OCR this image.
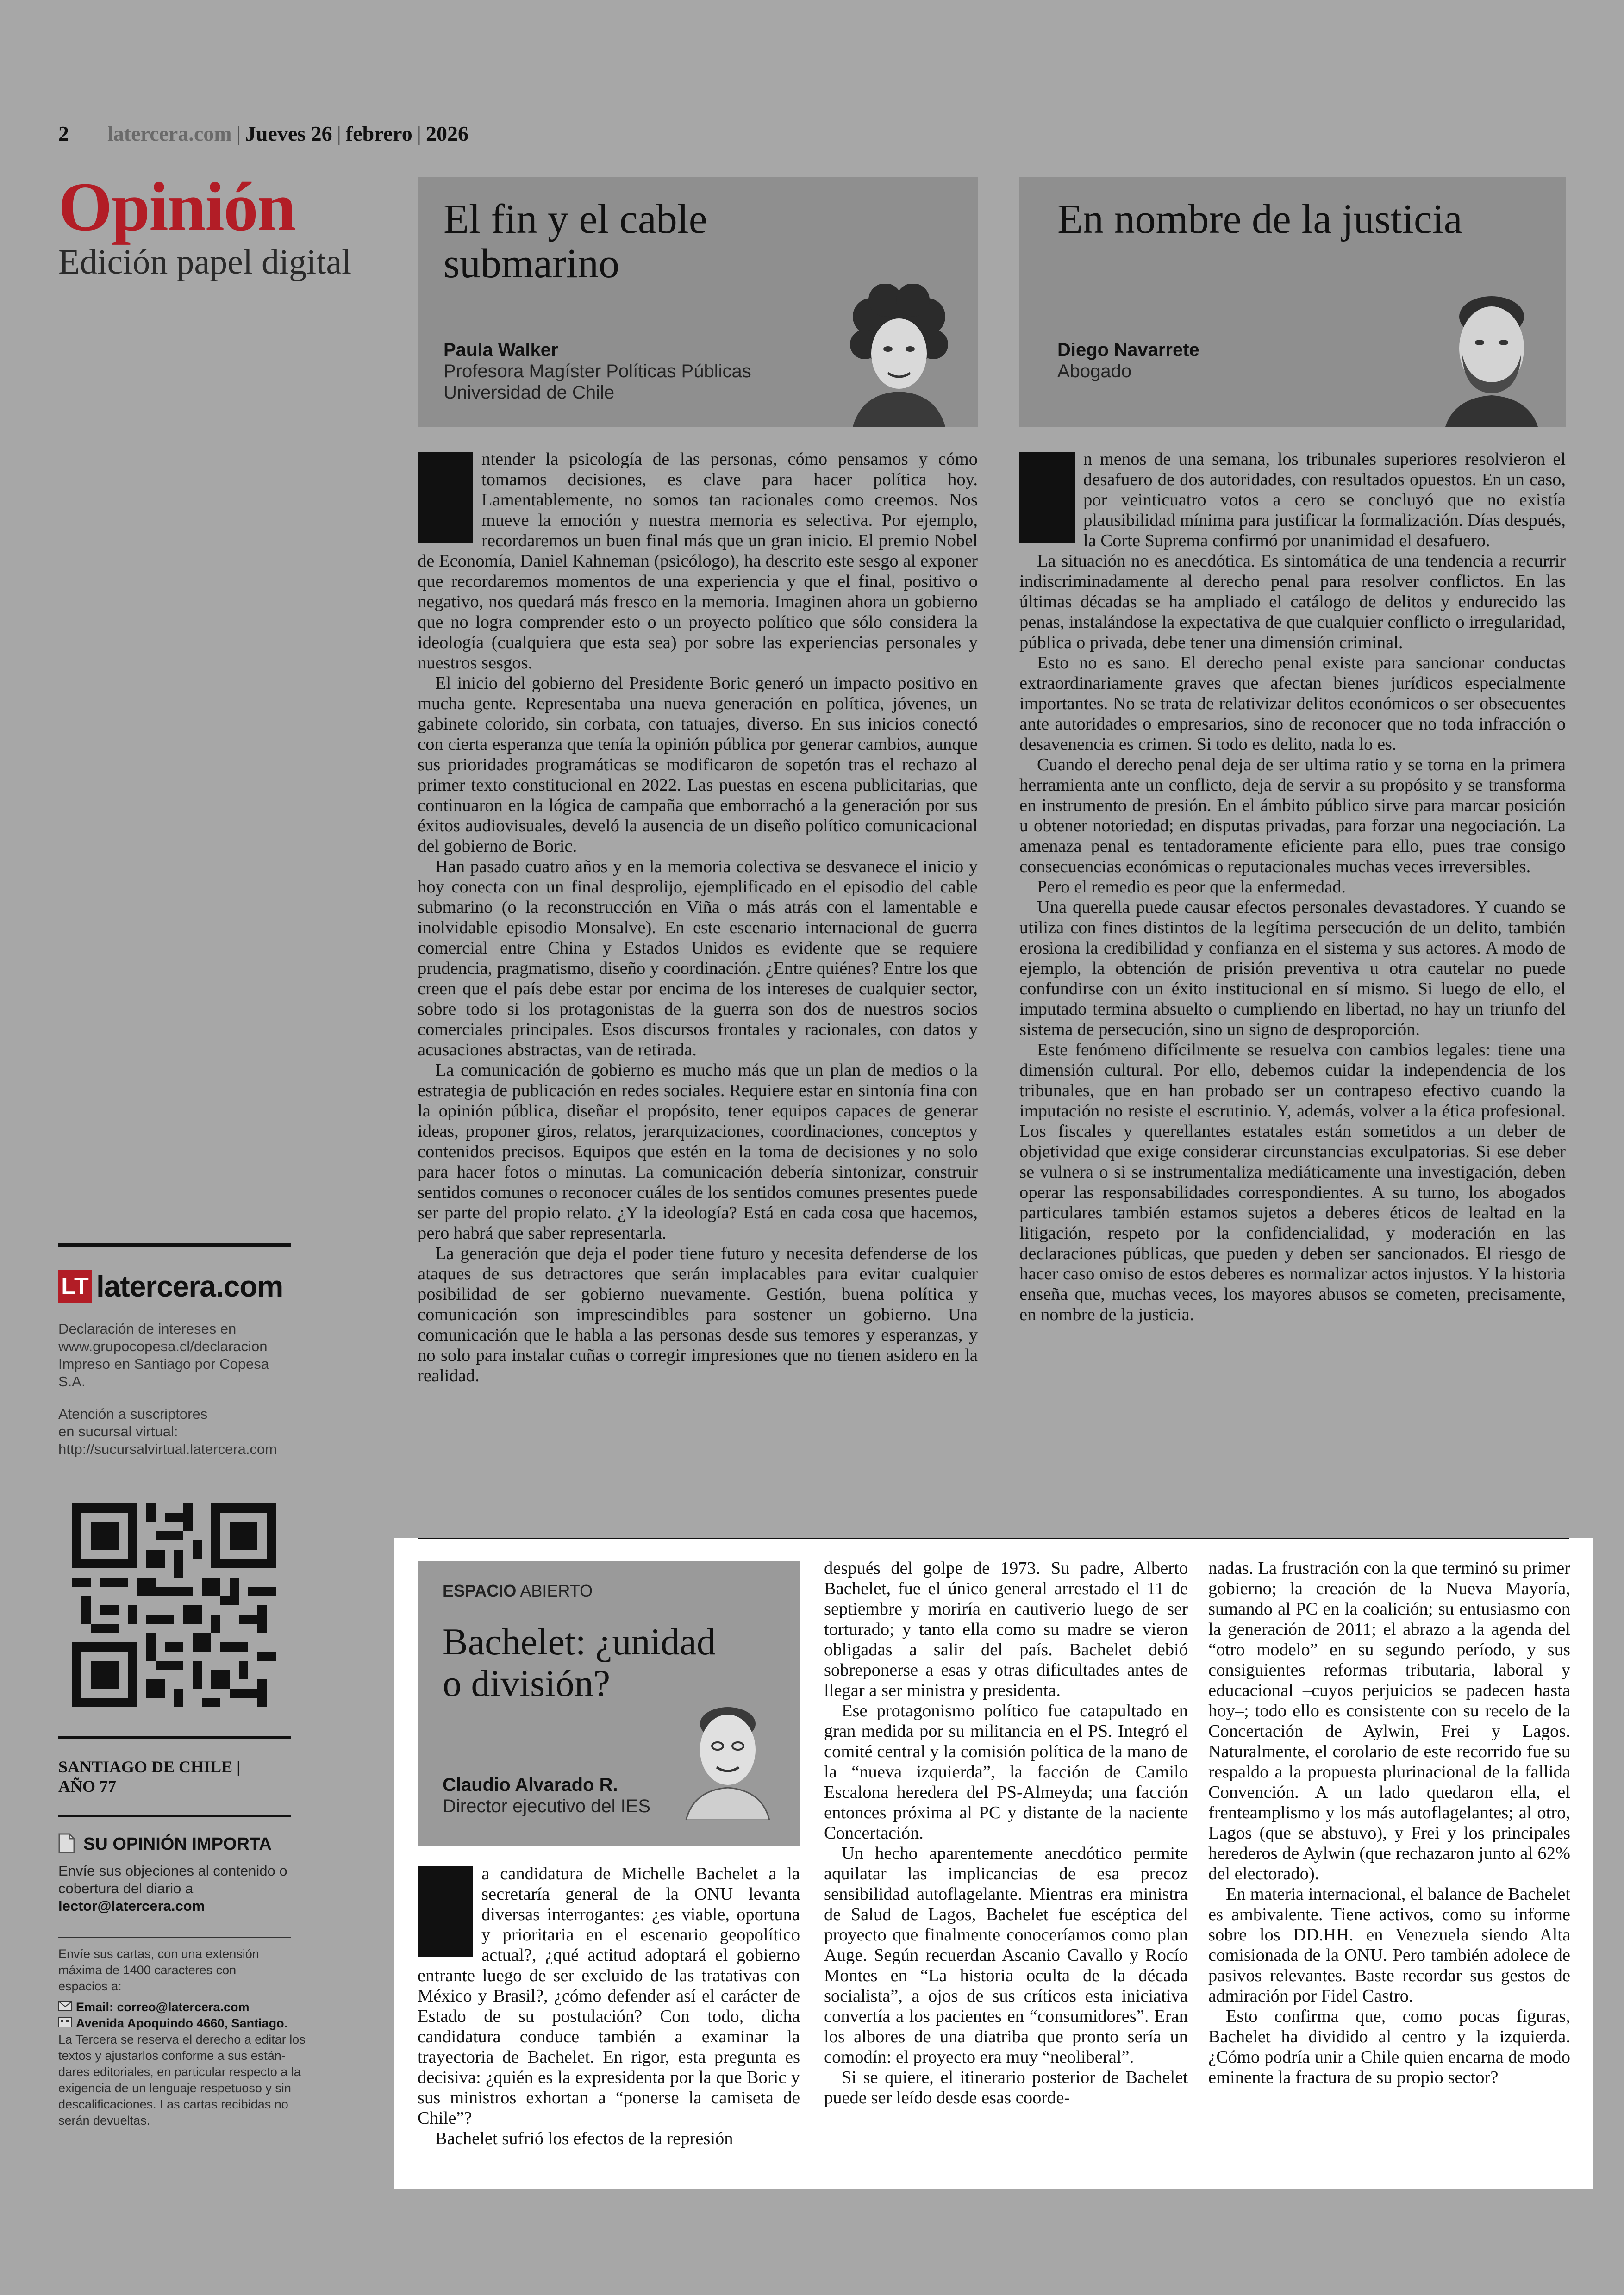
2 latercera.com | Jueves 26 | febrero | 2026
Opinión
Edición papel digital
El fin y el cable
submarino
Paula Walker
Profesora Magíster Políticas Públicas
Universidad de Chile
En nombre de la justicia
Diego Navarrete
Abogado

ntender la psicología de las personas, cómo pensamos y cómo tomamos decisiones, es clave para hacer política hoy. Lamentablemente, no somos tan racionales como creemos. Nos mueve la emoción y nuestra memoria es selectiva. Por ejemplo, recordaremos un buen final más que un gran inicio. El premio Nobel de Economía, Daniel Kahneman (psicólogo), ha descrito este sesgo al exponer que recordaremos momentos de una experiencia y que el final, positivo o negativo, nos quedará más fresco en la memoria. Imaginen ahora un gobierno que no logra comprender esto o un proyecto político que sólo considera la ideología (cualquiera que esta sea) por sobre las experiencias personales y nuestros sesgos.

El inicio del gobierno del Presidente Boric generó un impacto positivo en mucha gente. Representaba una nueva generación en política, jóvenes, un gabinete colorido, sin corbata, con tatuajes, diverso. En sus inicios conectó con cierta esperanza que tenía la opinión pública por generar cambios, aunque sus prioridades programáticas se modificaron de sopetón tras el rechazo al primer texto constitucional en 2022. Las puestas en escena publicitarias, que continuaron en la lógica de campaña que emborrachó a la generación por sus éxitos audiovisuales, develó la ausencia de un diseño político comunicacional del gobierno de Boric.

Han pasado cuatro años y en la memoria colectiva se desvanece el inicio y hoy conecta con un final desprolijo, ejemplificado en el episodio del cable submarino (o la reconstrucción en Viña o más atrás con el lamentable e inolvidable episodio Monsalve). En este escenario internacional de guerra comercial entre China y Estados Unidos es evidente que se requiere prudencia, pragmatismo, diseño y coordinación. ¿Entre quiénes? Entre los que creen que el país debe estar por encima de los intereses de cualquier sector, sobre todo si los protagonistas de la guerra son dos de nuestros socios comerciales principales. Esos discursos frontales y racionales, con datos y acusaciones abstractas, van de retirada.

La comunicación de gobierno es mucho más que un plan de medios o la estrategia de publicación en redes sociales. Requiere estar en sintonía fina con la opinión pública, diseñar el propósito, tener equipos capaces de generar ideas, proponer giros, relatos, jerarquizaciones, coordinaciones, conceptos y contenidos precisos. Equipos que estén en la toma de decisiones y no solo para hacer fotos o minutas. La comunicación debería sintonizar, construir sentidos comunes o reconocer cuáles de los sentidos comunes presentes puede ser parte del propio relato. ¿Y la ideología? Está en cada cosa que hacemos, pero habrá que saber representarla.

La generación que deja el poder tiene futuro y necesita defenderse de los ataques de sus detractores que serán implacables para evitar cualquier posibilidad de ser gobierno nuevamente. Gestión, buena política y comunicación son imprescindibles para sostener un gobierno. Una comunicación que le habla a las personas desde sus temores y esperanzas, y no solo para instalar cuñas o corregir impresiones que no tienen asidero en la realidad.

n menos de una semana, los tribunales superiores resolvieron el desafuero de dos autoridades, con resultados opuestos. En un caso, por veinticuatro votos a cero se concluyó que no existía plausibilidad mínima para justificar la formalización. Días después, la Corte Suprema confirmó por unanimidad el desafuero.

La situación no es anecdótica. Es sintomática de una tendencia a recurrir indiscriminadamente al derecho penal para resolver conflictos. En las últimas décadas se ha ampliado el catálogo de delitos y endurecido las penas, instalándose la expectativa de que cualquier conflicto o irregularidad, pública o privada, debe tener una dimensión criminal.

Esto no es sano. El derecho penal existe para sancionar conductas extraordinariamente graves que afectan bienes jurídicos especialmente importantes. No se trata de relativizar delitos económicos o ser obsecuentes ante autoridades o empresarios, sino de reconocer que no toda infracción o desavenencia es crimen. Si todo es delito, nada lo es.

Cuando el derecho penal deja de ser ultima ratio y se torna en la primera herramienta ante un conflicto, deja de servir a su propósito y se transforma en instrumento de presión. En el ámbito público sirve para marcar posición u obtener notoriedad; en disputas privadas, para forzar una negociación. La amenaza penal es tentadoramente eficiente para ello, pues trae consigo consecuencias económicas o reputacionales muchas veces irreversibles.

Pero el remedio es peor que la enfermedad.

Una querella puede causar efectos personales devastadores. Y cuando se utiliza con fines distintos de la legítima persecución de un delito, también erosiona la credibilidad y confianza en el sistema y sus actores. A modo de ejemplo, la obtención de prisión preventiva u otra cautelar no puede confundirse con un éxito institucional en sí mismo. Si luego de ello, el imputado termina absuelto o cumpliendo en libertad, no hay un triunfo del sistema de persecución, sino un signo de desproporción.

Este fenómeno difícilmente se resuelva con cambios legales: tiene una dimensión cultural. Por ello, debemos cuidar la independencia de los tribunales, que en han probado ser un contrapeso efectivo cuando la imputación no resiste el escrutinio. Y, además, volver a la ética profesional. Los fiscales y querellantes estatales están sometidos a un deber de objetividad que exige considerar circunstancias exculpatorias. Si ese deber se vulnera o si se instrumentaliza mediáticamente una investigación, deben operar las responsabilidades correspondientes. A su turno, los abogados particulares también estamos sujetos a deberes éticos de lealtad en la litigación, respeto por la confidencialidad, y moderación en las declaraciones públicas, que pueden y deben ser sancionados. El riesgo de hacer caso omiso de estos deberes es normalizar actos injustos. Y la historia enseña que, muchas veces, los mayores abusos se cometen, precisamente, en nombre de la justicia.

LT latercera.com
Declaración de intereses en
www.grupocopesa.cl/declaracion
Impreso en Santiago por Copesa S.A.
Atención a suscriptores
en sucursal virtual:
http://sucursalvirtual.latercera.com
SANTIAGO DE CHILE |
AÑO 77
SU OPINIÓN IMPORTA
Envíe sus objeciones al contenido o
cobertura del diario a
lector@latercera.com
Envíe sus cartas, con una extensión
máxima de 1400 caracteres con
espacios a:
Email: correo@latercera.com
Avenida Apoquindo 4660, Santiago.
La Tercera se reserva el derecho a editar los
textos y ajustarlos conforme a sus están-
dares editoriales, en particular respecto a la
exigencia de un lenguaje respetuoso y sin
descalificaciones. Las cartas recibidas no
serán devueltas.
ESPACIO ABIERTO
Bachelet: ¿unidad
o división?
Claudio Alvarado R.
Director ejecutivo del IES

a candidatura de Michelle Bachelet a la secretaría general de la ONU levanta diversas interrogantes: ¿es viable, oportuna y prioritaria en el escenario geopolítico actual?, ¿qué actitud adoptará el gobierno entrante luego de ser excluido de las tratativas con México y Brasil?, ¿cómo defender así el carácter de Estado de su postulación? Con todo, dicha candidatura conduce también a examinar la trayectoria de Bachelet. En rigor, esta pregunta es decisiva: ¿quién es la expresidenta por la que Boric y sus ministros exhortan a “ponerse la camiseta de Chile”?

Bachelet sufrió los efectos de la represión

después del golpe de 1973. Su padre, Alberto Bachelet, fue el único general arrestado el 11 de septiembre y moriría en cautiverio luego de ser torturado; y tanto ella como su madre se vieron obligadas a salir del país. Bachelet debió sobreponerse a esas y otras dificultades antes de llegar a ser ministra y presidenta.

Ese protagonismo político fue catapultado en gran medida por su militancia en el PS. Integró el comité central y la comisión política de la mano de la “nueva izquierda”, la facción de Camilo Escalona heredera del PS-Almeyda; una facción entonces próxima al PC y distante de la naciente Concertación.

Un hecho aparentemente anecdótico permite aquilatar las implicancias de esa precoz sensibilidad autoflagelante. Mientras era ministra de Salud de Lagos, Bachelet fue escéptica del proyecto que finalmente conoceríamos como plan Auge. Según recuerdan Ascanio Cavallo y Rocío Montes en “La historia oculta de la década socialista”, a ojos de sus críticos esta iniciativa convertía a los pacientes en “consumidores”. Eran los albores de una diatriba que pronto sería un comodín: el proyecto era muy “neoliberal”.

Si se quiere, el itinerario posterior de Bachelet puede ser leído desde esas coorde-

nadas. La frustración con la que terminó su primer gobierno; la creación de la Nueva Mayoría, sumando al PC en la coalición; su entusiasmo con la generación de 2011; el abrazo a la agenda del “otro modelo” en su segundo período, y sus consiguientes reformas tributaria, laboral y educacional –cuyos perjuicios se padecen hasta hoy–; todo ello es consistente con su recelo de la Concertación de Aylwin, Frei y Lagos. Naturalmente, el corolario de este recorrido fue su respaldo a la propuesta plurinacional de la fallida Convención. A un lado quedaron ella, el frenteamplismo y los más autoflagelantes; al otro, Lagos (que se abstuvo), y Frei y los principales herederos de Aylwin (que rechazaron junto al 62% del electorado).

En materia internacional, el balance de Bachelet es ambivalente. Tiene activos, como su informe sobre los DD.HH. en Venezuela siendo Alta comisionada de la ONU. Pero también adolece de pasivos relevantes. Baste recordar sus gestos de admiración por Fidel Castro.

Esto confirma que, como pocas figuras, Bachelet ha dividido al centro y la izquierda. ¿Cómo podría unir a Chile quien encarna de modo eminente la fractura de su propio sector?
